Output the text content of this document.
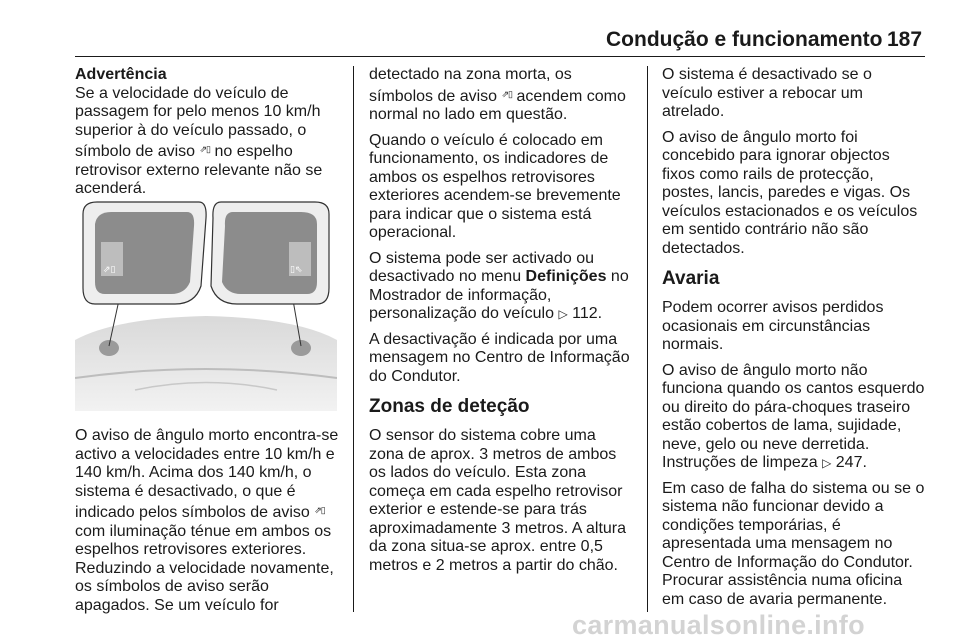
Condução e funcionamento 187
Advertência

Se a velocidade do veículo de passagem for pelo menos 10 km/h superior à do veículo passado, o símbolo de aviso ⇗▯ no espelho retrovisor externo relevante não se acenderá.

⇗▯	▯⇖

O aviso de ângulo morto encontra-se activo a velocidades entre 10 km/h e 140 km/h. Acima dos 140 km/h, o sistema é desactivado, o que é indicado pelos símbolos de aviso ⇗▯ com iluminação ténue em ambos os espelhos retrovisores exteriores. Reduzindo a velocidade novamente, os símbolos de aviso serão apagados. Se um veículo for

detectado na zona morta, os símbolos de aviso ⇗▯ acendem como normal no lado em questão.

Quando o veículo é colocado em funcionamento, os indicadores de ambos os espelhos retrovisores exteriores acendem-se brevemente para indicar que o sistema está operacional.

O sistema pode ser activado ou desactivado no menu Definições no Mostrador de informação, personalização do veículo ▷ 112.

A desactivação é indicada por uma mensagem no Centro de Informação do Condutor.

Zonas de deteção

O sensor do sistema cobre uma zona de aprox. 3 metros de ambos os lados do veículo. Esta zona começa em cada espelho retrovisor exterior e estende-se para trás aproximadamente 3 metros. A altura da zona situa-se aprox. entre 0,5 metros e 2 metros a partir do chão.

O sistema é desactivado se o veículo estiver a rebocar um atrelado.

O aviso de ângulo morto foi concebido para ignorar objectos fixos como rails de protecção, postes, lancis, paredes e vigas. Os veículos estacionados e os veículos em sentido contrário não são detectados.

Avaria

Podem ocorrer avisos perdidos ocasionais em circunstâncias normais.

O aviso de ângulo morto não funciona quando os cantos esquerdo ou direito do pára-choques traseiro estão cobertos de lama, sujidade, neve, gelo ou neve derretida. Instruções de limpeza ▷ 247.

Em caso de falha do sistema ou se o sistema não funcionar devido a condições temporárias, é apresentada uma mensagem no Centro de Informação do Condutor. Procurar assistência numa oficina em caso de avaria permanente.

carmanualsonline.info
